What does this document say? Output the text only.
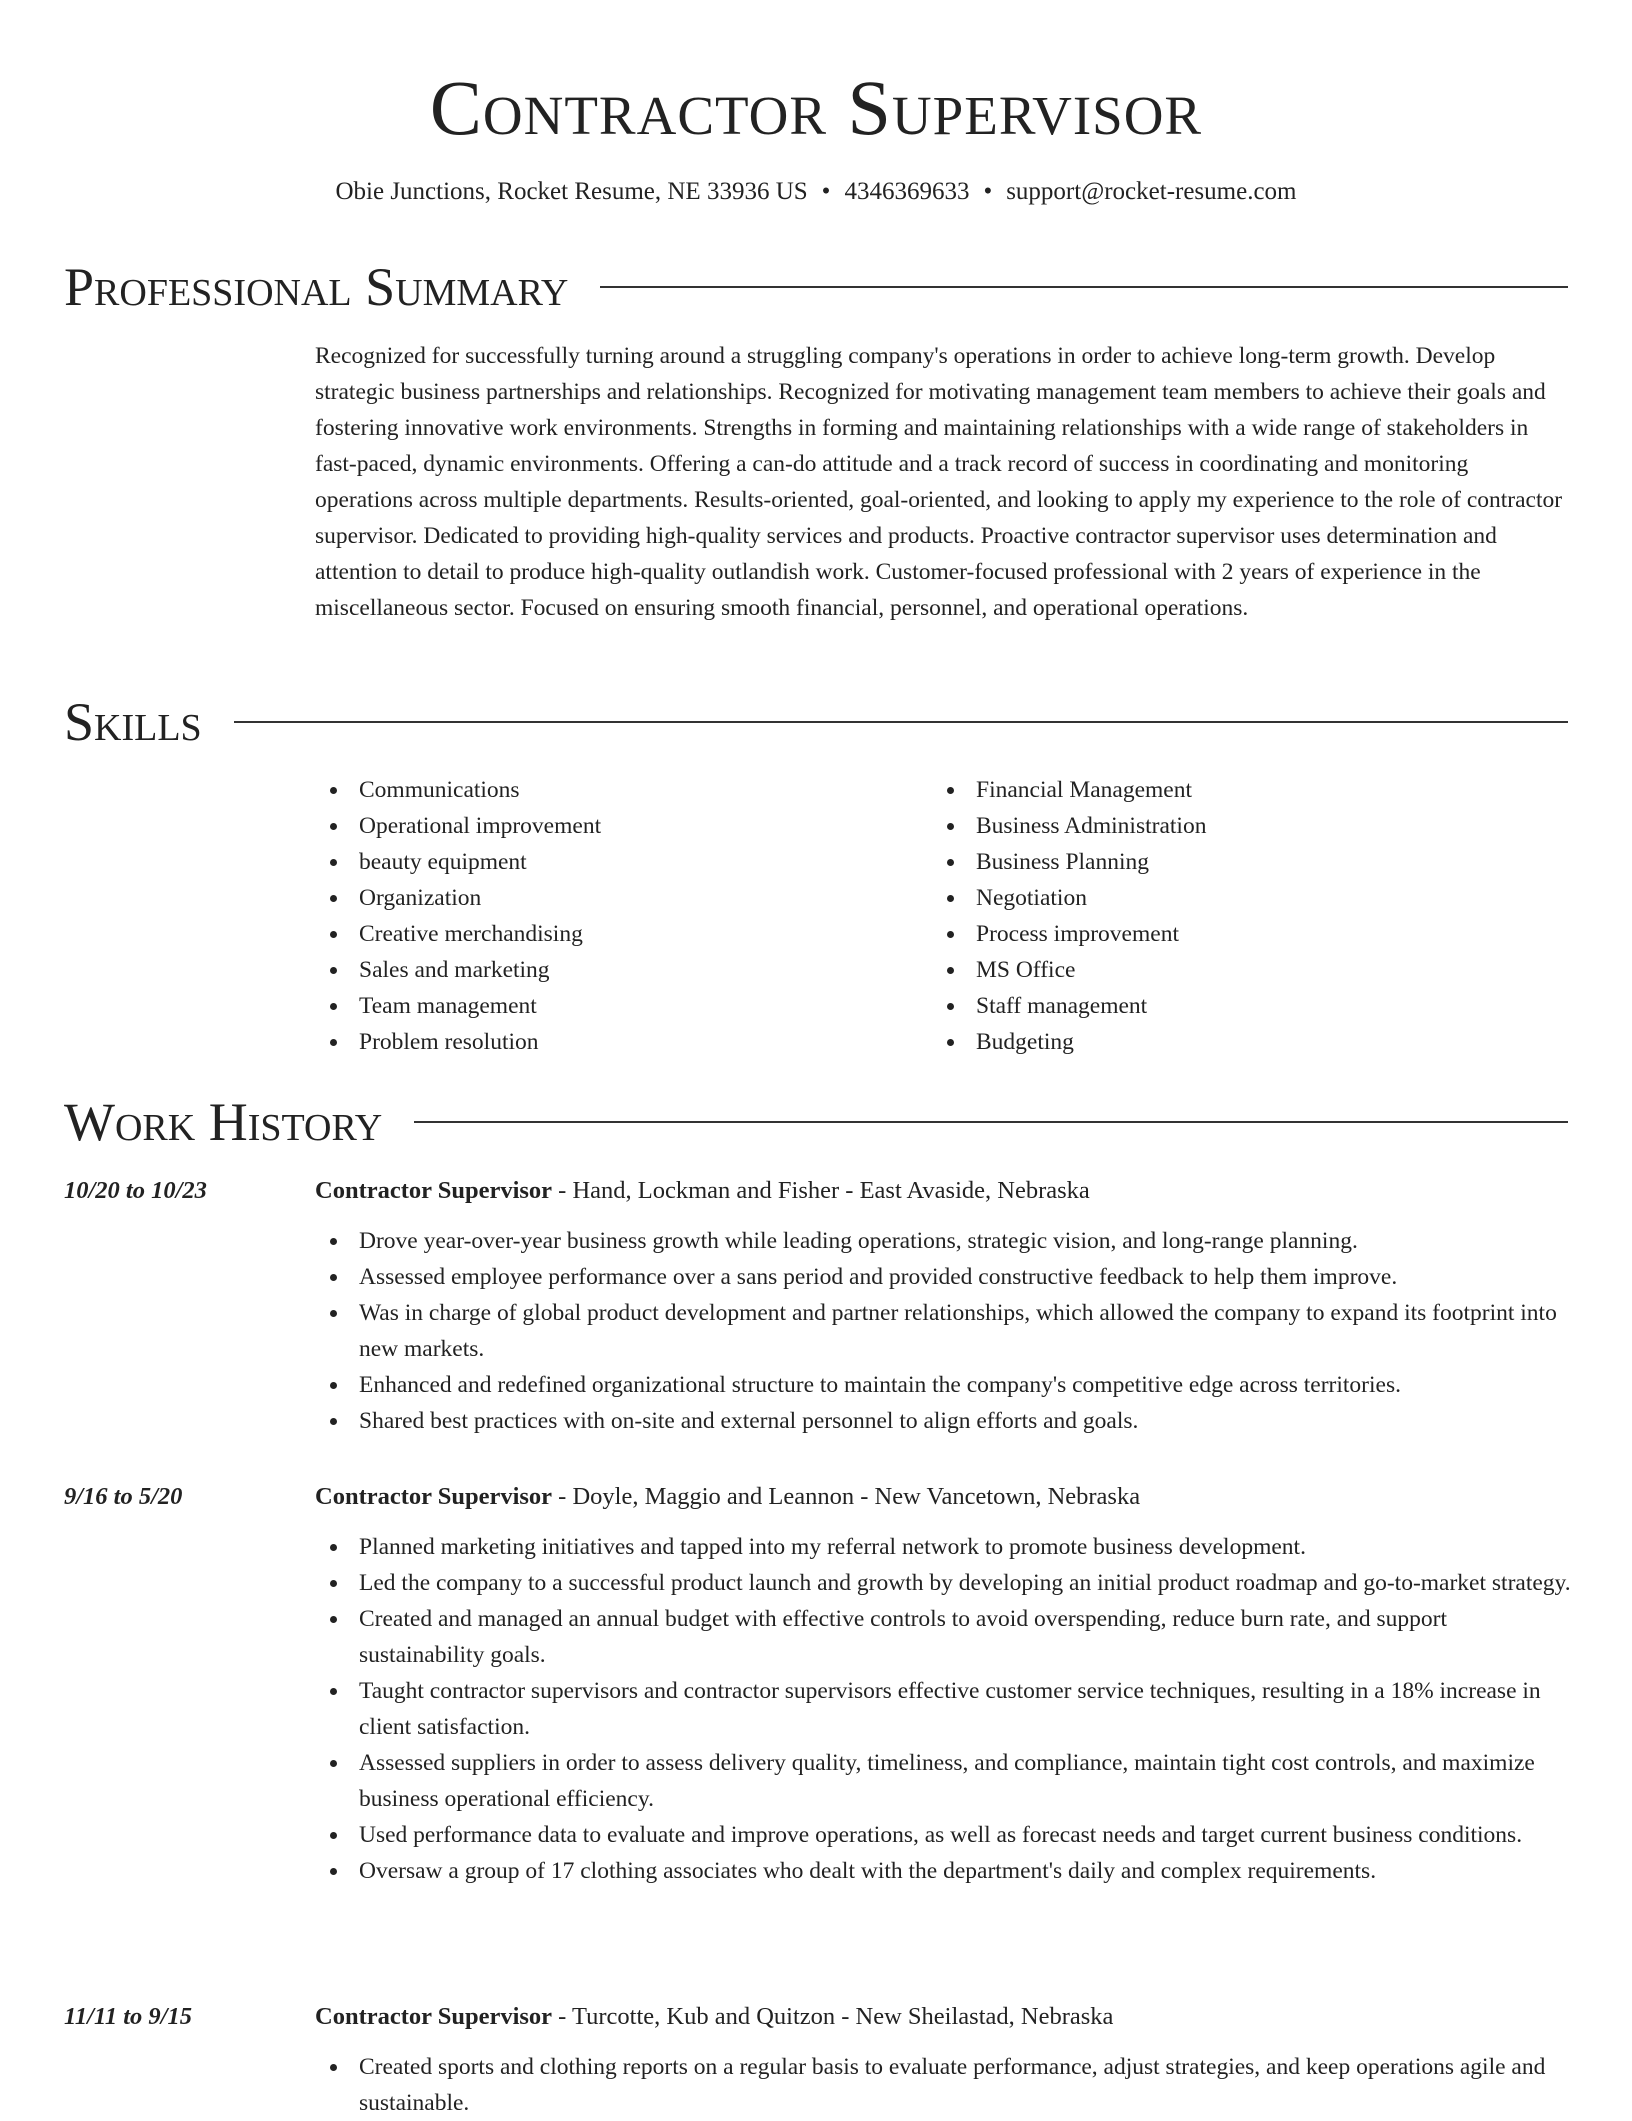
Contractor Supervisor
Obie Junctions, Rocket Resume, NE 33936 US • 4346369633 • support@rocket-resume.com
Professional Summary

Recognized for successfully turning around a struggling company's operations in order to achieve long-term growth. Develop strategic business partnerships and relationships. Recognized for motivating management team members to achieve their goals and fostering innovative work environments. Strengths in forming and maintaining relationships with a wide range of stakeholders in fast-paced, dynamic environments. Offering a can-do attitude and a track record of success in coordinating and monitoring operations across multiple departments. Results-oriented, goal-oriented, and looking to apply my experience to the role of contractor supervisor. Dedicated to providing high-quality services and products. Proactive contractor supervisor uses determination and attention to detail to produce high-quality outlandish work. Customer-focused professional with 2 years of experience in the miscellaneous sector. Focused on ensuring smooth financial, personnel, and operational operations.

Skills
Communications
Operational improvement
beauty equipment
Organization
Creative merchandising
Sales and marketing
Team management
Problem resolution
Financial Management
Business Administration
Business Planning
Negotiation
Process improvement
MS Office
Staff management
Budgeting
Work History
10/20 to 10/23	Contractor Supervisor - Hand, Lockman and Fisher - East Avaside, Nebraska
Drove year-over-year business growth while leading operations, strategic vision, and long-range planning.
Assessed employee performance over a sans period and provided constructive feedback to help them improve.
Was in charge of global product development and partner relationships, which allowed the company to expand its footprint into new markets.
Enhanced and redefined organizational structure to maintain the company's competitive edge across territories.
Shared best practices with on-site and external personnel to align efforts and goals.
9/16 to 5/20	Contractor Supervisor - Doyle, Maggio and Leannon - New Vancetown, Nebraska
Planned marketing initiatives and tapped into my referral network to promote business development.
Led the company to a successful product launch and growth by developing an initial product roadmap and go-to-market strategy.
Created and managed an annual budget with effective controls to avoid overspending, reduce burn rate, and support sustainability goals.
Taught contractor supervisors and contractor supervisors effective customer service techniques, resulting in a 18% increase in client satisfaction.
Assessed suppliers in order to assess delivery quality, timeliness, and compliance, maintain tight cost controls, and maximize business operational efficiency.
Used performance data to evaluate and improve operations, as well as forecast needs and target current business conditions.
Oversaw a group of 17 clothing associates who dealt with the department's daily and complex requirements.
11/11 to 9/15	Contractor Supervisor - Turcotte, Kub and Quitzon - New Sheilastad, Nebraska
Created sports and clothing reports on a regular basis to evaluate performance, adjust strategies, and keep operations agile and sustainable.
